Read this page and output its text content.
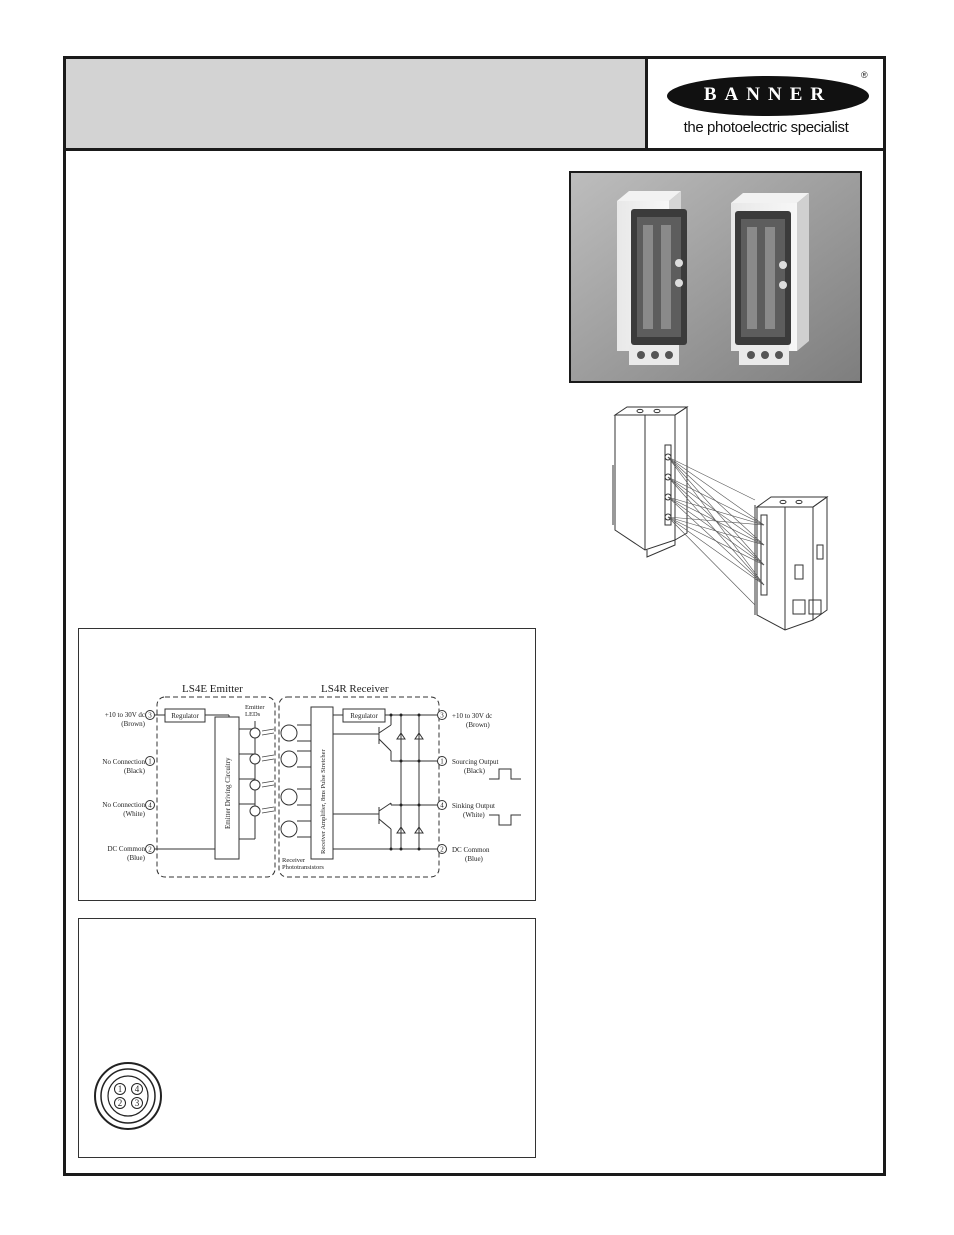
BANNER
®
the photoelectric specialist
LS4E Emitter	LS4R Receiver
+10 to 30V dc
(Brown)
3
No Connection
(Black)
1
No Connection
(White)
4
DC Common
(Blue)
2
Regulator
Emitter Driving Circuitry
Emitter LEDs
Receiver Phototransistors
Receiver Amplifier, 8ms Pulse Stretcher
Regulator	3 +10 to 30V dc
(Brown)
1 Sourcing Output
(Black)
4 Sinking Output
(White)
2 DC Common
(Blue)
1 4
2 3
